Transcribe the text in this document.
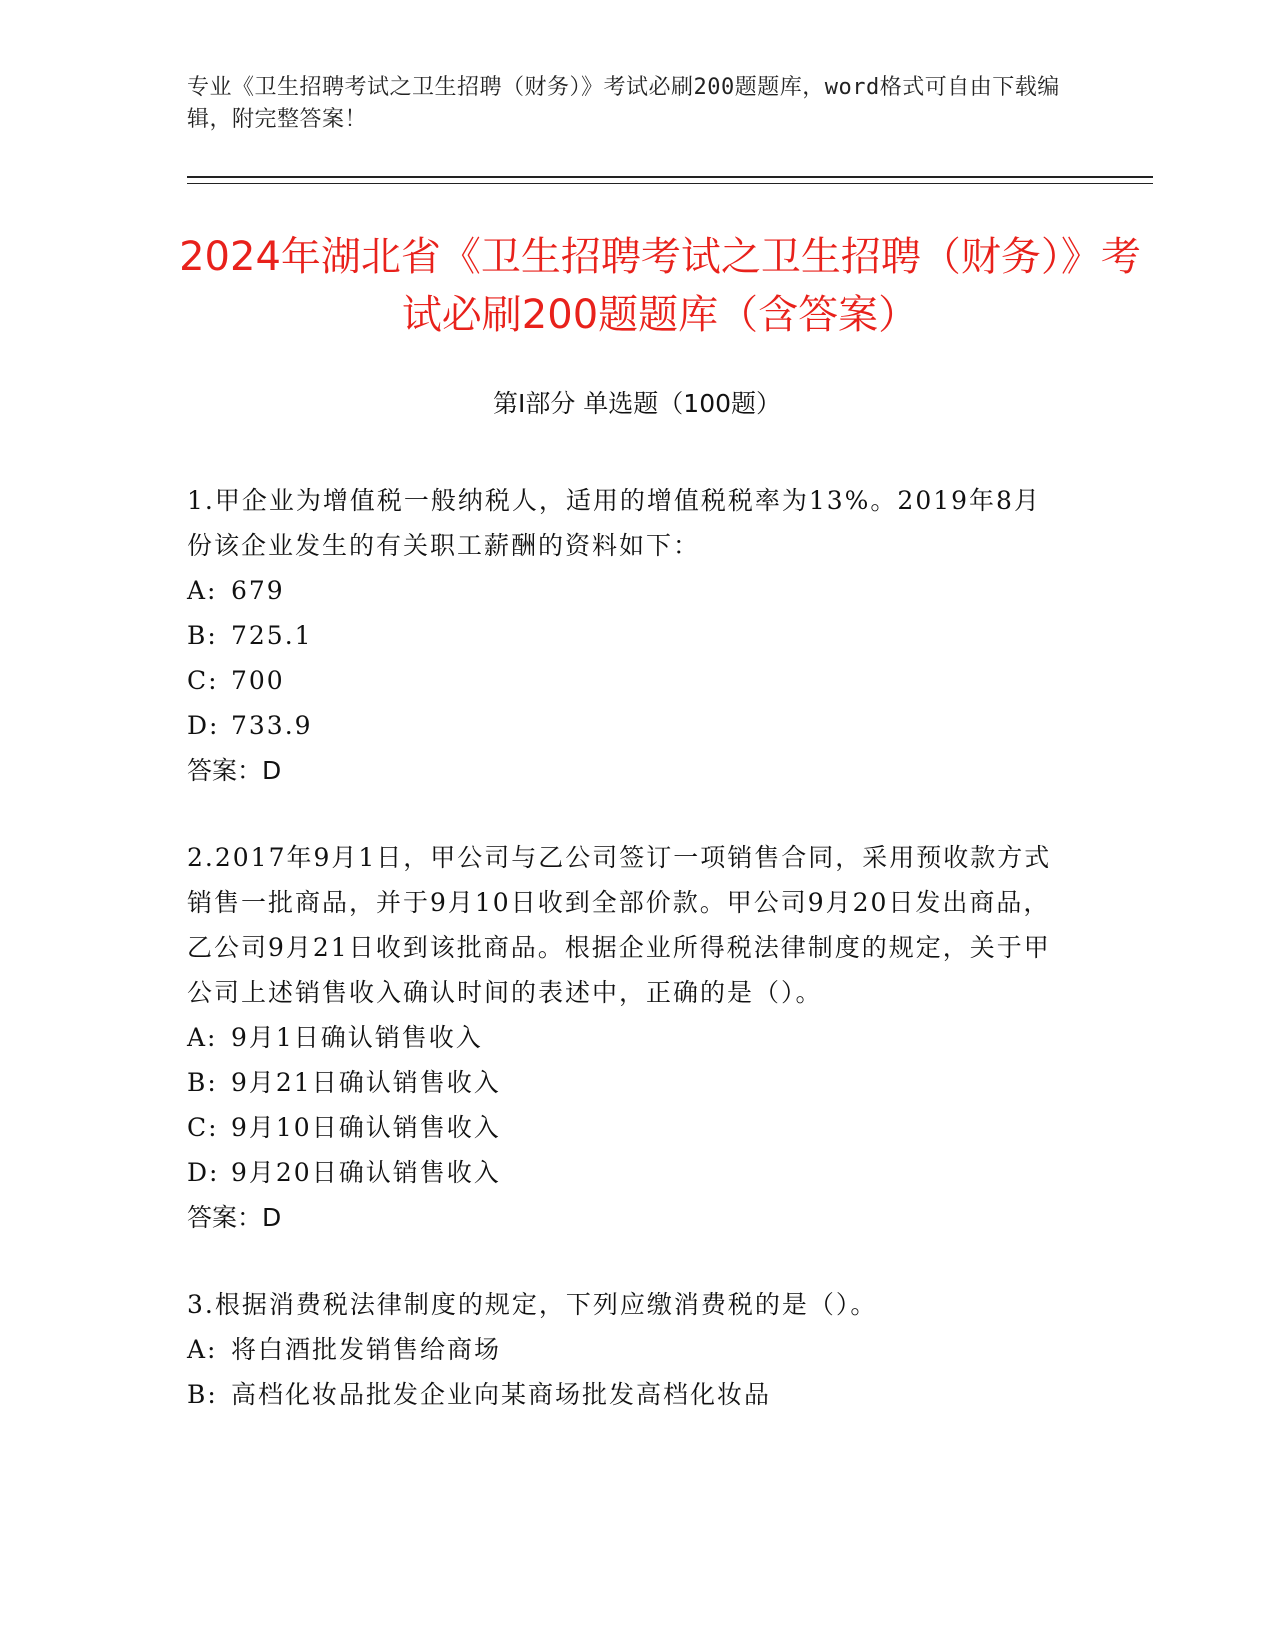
专业《卫生招聘考试之卫生招聘（财务）》考试必刷200题题库，word格式可自由下载编辑，附完整答案！
2024年湖北省《卫生招聘考试之卫生招聘（财务）》考试必刷200题题库（含答案）
第Ⅰ部分 单选题（100题）

1.甲企业为增值税一般纳税人，适用的增值税税率为13%。2019年8月份该企业发生的有关职工薪酬的资料如下：

A: 679

B: 725.1

C: 700

D: 733.9

答案：D

2.2017年9月1日，甲公司与乙公司签订一项销售合同，采用预收款方式销售一批商品，并于9月10日收到全部价款。甲公司9月20日发出商品，乙公司9月21日收到该批商品。根据企业所得税法律制度的规定，关于甲公司上述销售收入确认时间的表述中，正确的是（）。

A: 9月1日确认销售收入

B: 9月21日确认销售收入

C: 9月10日确认销售收入

D: 9月20日确认销售收入

答案：D

3.根据消费税法律制度的规定，下列应缴消费税的是（）。

A: 将白酒批发销售给商场

B: 高档化妆品批发企业向某商场批发高档化妆品
